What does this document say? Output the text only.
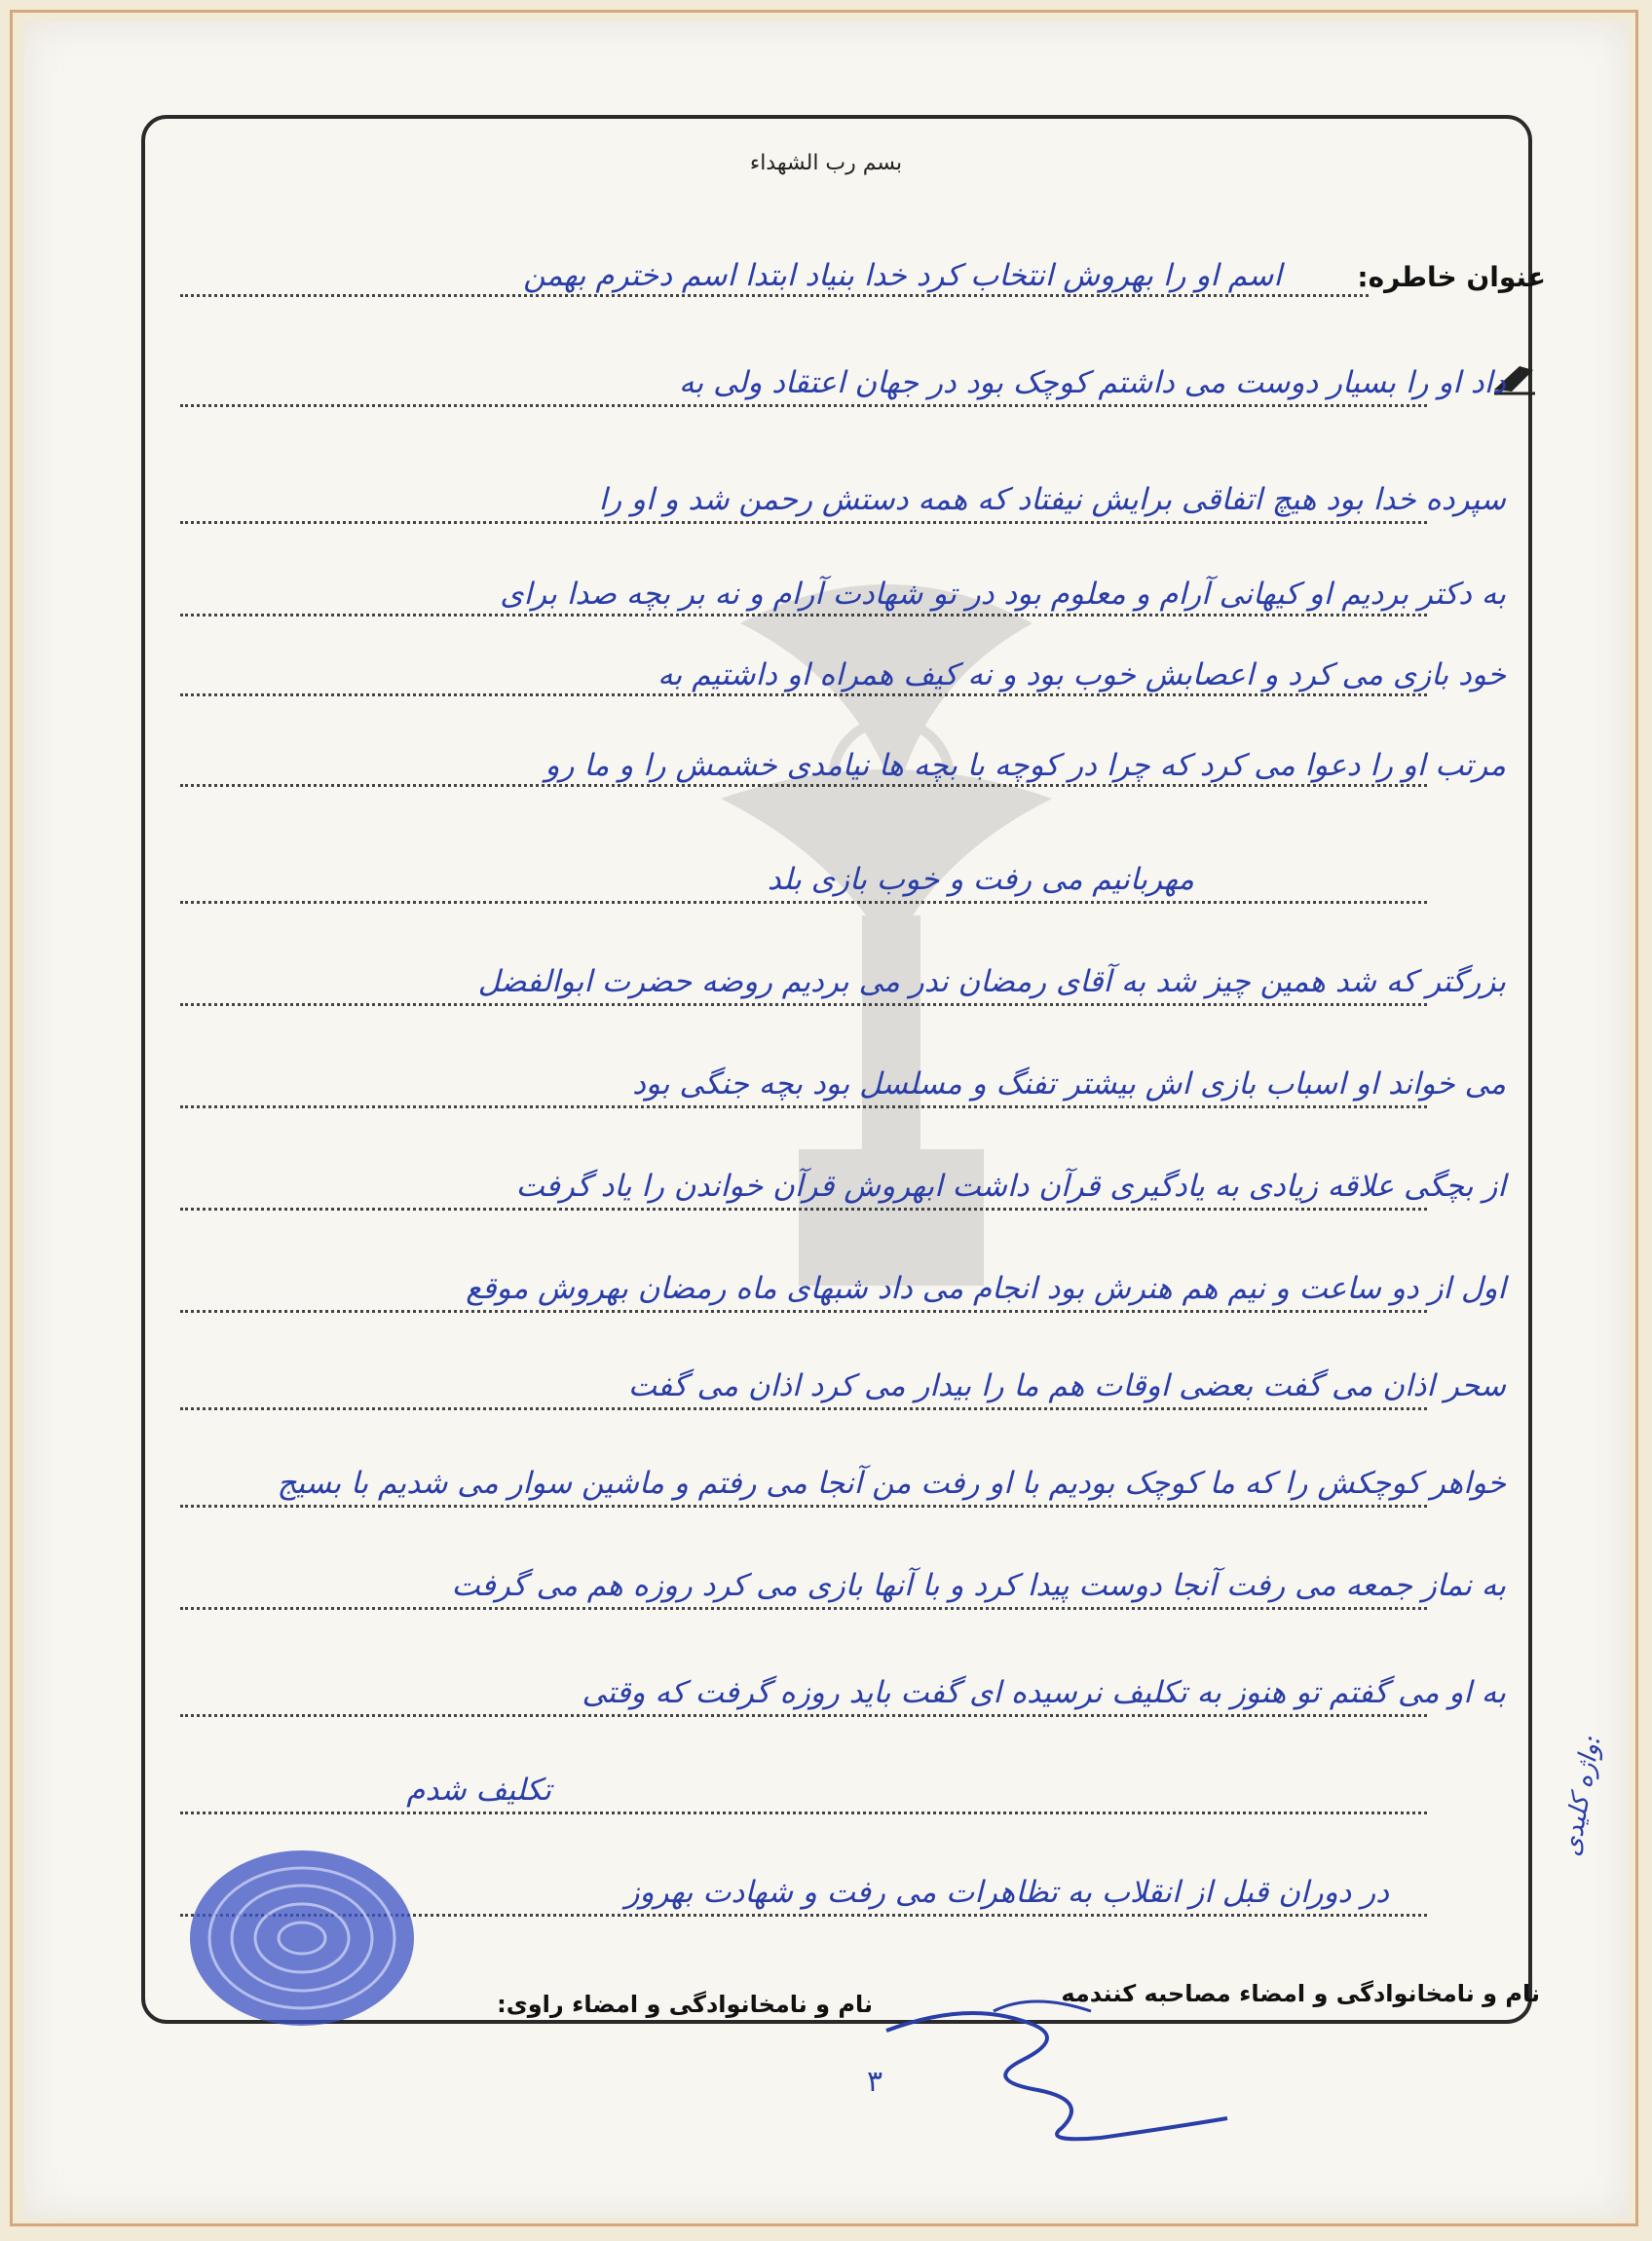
بسم رب الشهداء
عنوان خاطره:
اسم او را بهروش انتخاب کرد خدا بنیاد ابتدا اسم دخترم بهمن
داد او را بسیار دوست می داشتم کوچک بود در جهان اعتقاد ولی به
سپرده خدا بود هیچ اتفاقی برایش نیفتاد که همه دستش رحمن شد و او را
به دکتر بردیم او کیهانی آرام و معلوم بود در تو شهادت آرام و نه بر بچه صدا برای
خود بازی می کرد و اعصابش خوب بود و نه کیف همراه او داشتیم به
مرتب او را دعوا می کرد که چرا در کوچه با بچه ها نیامدی خشمش را و ما رو
مهربانیم می رفت و خوب بازی بلد
بزرگتر که شد همین چیز شد به آقای رمضان ندر می بردیم روضه حضرت ابوالفضل
می خواند او اسباب بازی اش بیشتر تفنگ و مسلسل بود بچه جنگی بود
از بچگی علاقه زیادی به یادگیری قرآن داشت ابهروش قرآن خواندن را یاد گرفت
اول از دو ساعت و نیم هم هنرش بود انجام می داد شبهای ماه رمضان بهروش موقع
سحر اذان می گفت بعضی اوقات هم ما را بیدار می کرد اذان می گفت
خواهر کوچکش را که ما کوچک بودیم با او رفت من آنجا می رفتم و ماشین سوار می شدیم با بسیج
به نماز جمعه می رفت آنجا دوست پیدا کرد و با آنها بازی می کرد روزه هم می گرفت
به او می گفتم تو هنوز به تکلیف نرسیده ای گفت باید روزه گرفت که وقتی
تکلیف شدم
در دوران قبل از انقلاب به تظاهرات می رفت و شهادت بهروز
واژه کلیدی:
نام و نامخانوادگی و امضاء مصاحبه کنندمه
نام و نامخانوادگی و امضاء راوی:
۳
